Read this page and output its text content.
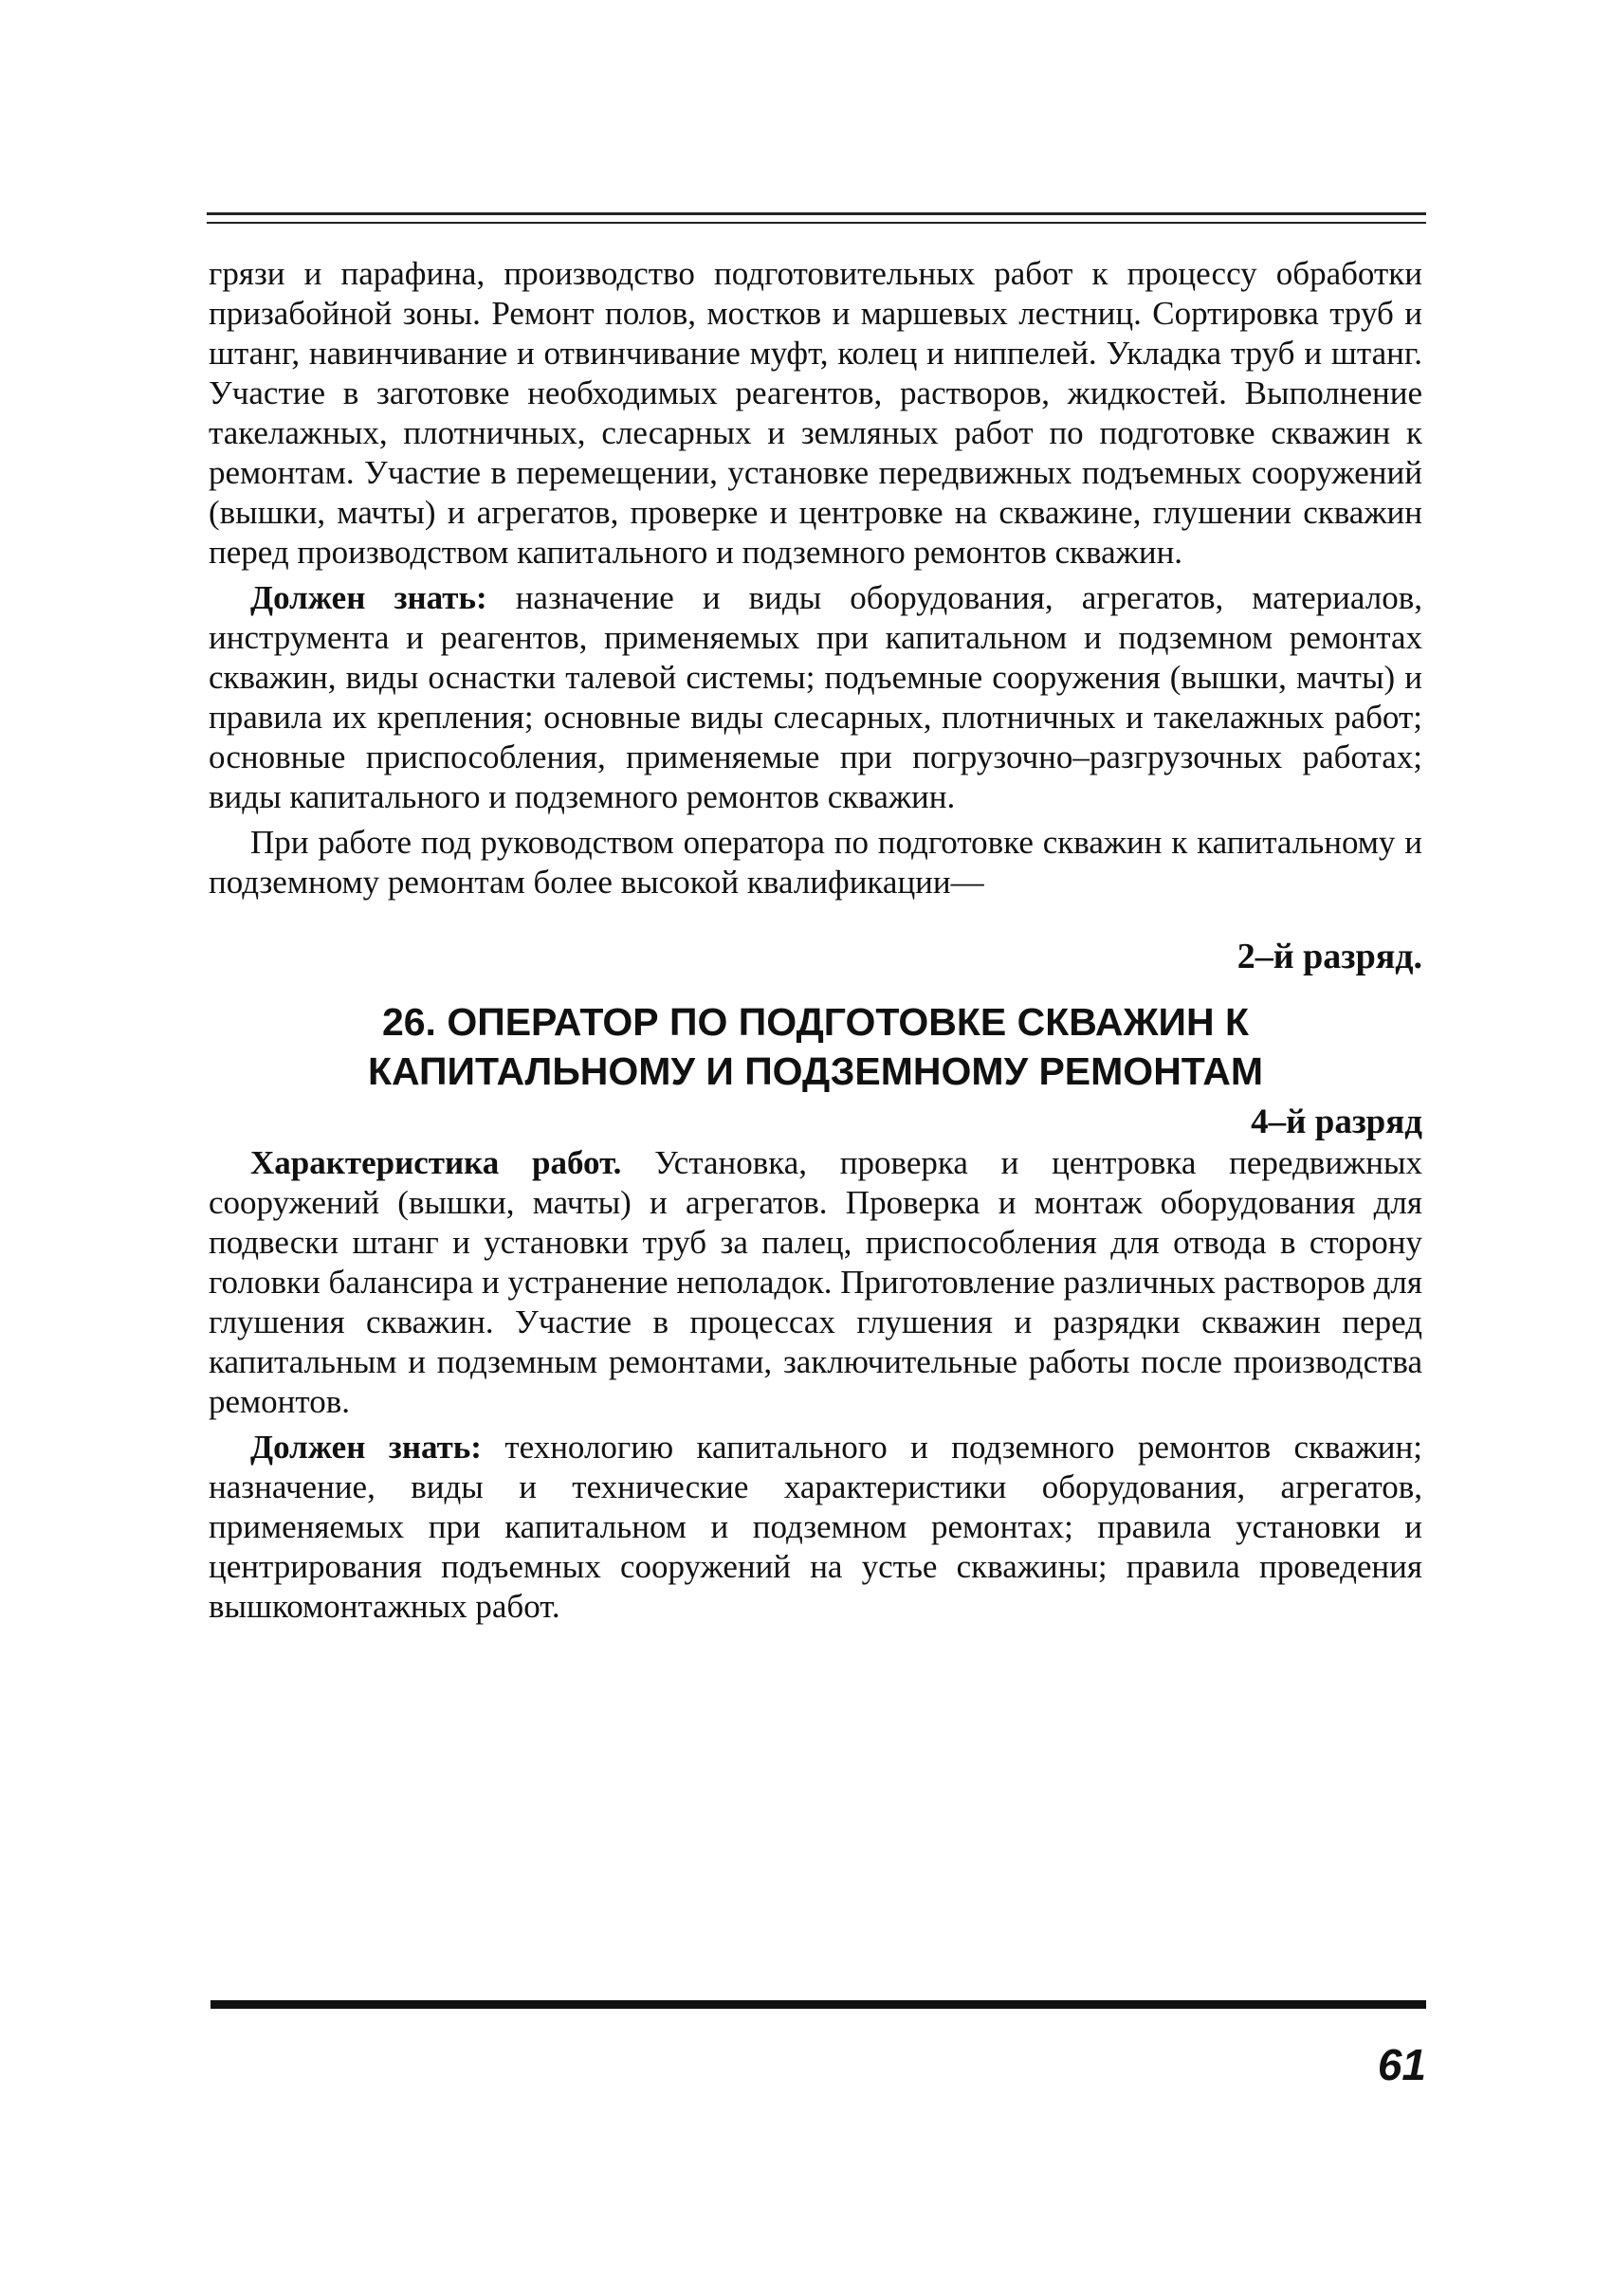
грязи и парафина, производство подготовительных работ к процессу обработки призабойной зоны. Ремонт полов, мостков и маршевых лестниц. Сортировка труб и штанг, навинчивание и отвинчивание муфт, колец и ниппелей. Укладка труб и штанг. Участие в заготовке необходимых реагентов, растворов, жидкостей. Выполнение такелажных, плотничных, слесарных и земляных работ по подготовке скважин к ремонтам. Участие в перемещении, установке передвижных подъемных сооружений (вышки, мачты) и агрегатов, проверке и центровке на скважине, глушении скважин перед производством капитального и подземного ремонтов скважин.

Должен знать: назначение и виды оборудования, агрегатов, материалов, инструмента и реагентов, применяемых при капитальном и подземном ремонтах скважин, виды оснастки талевой системы; подъемные сооружения (вышки, мачты) и правила их крепления; основные виды слесарных, плотничных и такелажных работ; основные приспособления, применяемые при погрузочно–разгрузочных работах; виды капитального и подземного ремонтов скважин.

При работе под руководством оператора по подготовке скважин к капитальному и подземному ремонтам более высокой квалификации—

2–й разряд.
26. ОПЕРАТОР ПО ПОДГОТОВКЕ СКВАЖИН К
КАПИТАЛЬНОМУ И ПОДЗЕМНОМУ РЕМОНТАМ
4–й разряд

Характеристика работ. Установка, проверка и центровка передвижных сооружений (вышки, мачты) и агрегатов. Проверка и монтаж оборудования для подвески штанг и установки труб за палец, приспособления для отвода в сторону головки балансира и устранение неполадок. Приготовление различных растворов для глушения скважин. Участие в процессах глушения и разрядки скважин перед капитальным и подземным ремонтами, заключительные работы после производства ремонтов.

Должен знать: технологию капитального и подземного ремонтов скважин; назначение, виды и технические характеристики оборудования, агрегатов, применяемых при капитальном и подземном ремонтах; правила установки и центрирования подъемных сооружений на устье скважины; правила проведения вышкомонтажных работ.

61
